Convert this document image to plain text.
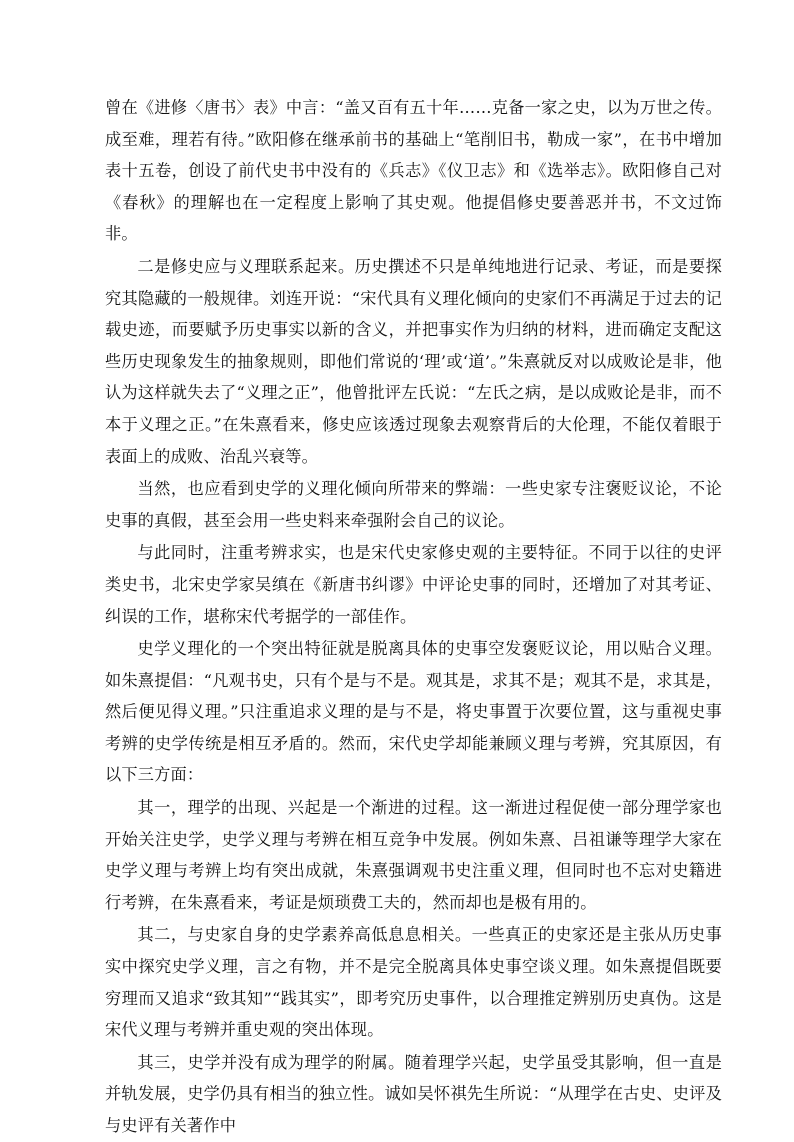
曾在《进修〈唐书〉表》中言：“盖又百有五十年……克备一家之史，以为万世之传。成至难，理若有待。”欧阳修在继承前书的基础上“笔削旧书，勒成一家”，在书中增加表十五卷，创设了前代史书中没有的《兵志》《仪卫志》和《选举志》。欧阳修自己对《春秋》的理解也在一定程度上影响了其史观。他提倡修史要善恶并书，不文过饰非。

二是修史应与义理联系起来。历史撰述不只是单纯地进行记录、考证，而是要探究其隐藏的一般规律。刘连开说：“宋代具有义理化倾向的史家们不再满足于过去的记载史迹，而要赋予历史事实以新的含义，并把事实作为归纳的材料，进而确定支配这些历史现象发生的抽象规则，即他们常说的‘理’或‘道’。”朱熹就反对以成败论是非，他认为这样就失去了“义理之正”，他曾批评左氏说：“左氏之病，是以成败论是非，而不本于义理之正。”在朱熹看来，修史应该透过现象去观察背后的大伦理，不能仅着眼于表面上的成败、治乱兴衰等。

当然，也应看到史学的义理化倾向所带来的弊端：一些史家专注褒贬议论，不论史事的真假，甚至会用一些史料来牵强附会自己的议论。

与此同时，注重考辨求实，也是宋代史家修史观的主要特征。不同于以往的史评类史书，北宋史学家吴缜在《新唐书纠谬》中评论史事的同时，还增加了对其考证、纠误的工作，堪称宋代考据学的一部佳作。

史学义理化的一个突出特征就是脱离具体的史事空发褒贬议论，用以贴合义理。如朱熹提倡：“凡观书史，只有个是与不是。观其是，求其不是；观其不是，求其是，然后便见得义理。”只注重追求义理的是与不是，将史事置于次要位置，这与重视史事考辨的史学传统是相互矛盾的。然而，宋代史学却能兼顾义理与考辨，究其原因，有以下三方面：

其一，理学的出现、兴起是一个渐进的过程。这一渐进过程促使一部分理学家也开始关注史学，史学义理与考辨在相互竞争中发展。例如朱熹、吕祖谦等理学大家在史学义理与考辨上均有突出成就，朱熹强调观书史注重义理，但同时也不忘对史籍进行考辨，在朱熹看来，考证是烦琐费工夫的，然而却也是极有用的。

其二，与史家自身的史学素养高低息息相关。一些真正的史家还是主张从历史事实中探究史学义理，言之有物，并不是完全脱离具体史事空谈义理。如朱熹提倡既要穷理而又追求“致其知”“践其实”，即考究历史事件，以合理推定辨别历史真伪。这是宋代义理与考辨并重史观的突出体现。

其三，史学并没有成为理学的附属。随着理学兴起，史学虽受其影响，但一直是并轨发展，史学仍具有相当的独立性。诚如吴怀祺先生所说：“从理学在古史、史评及与史评有关著作中
